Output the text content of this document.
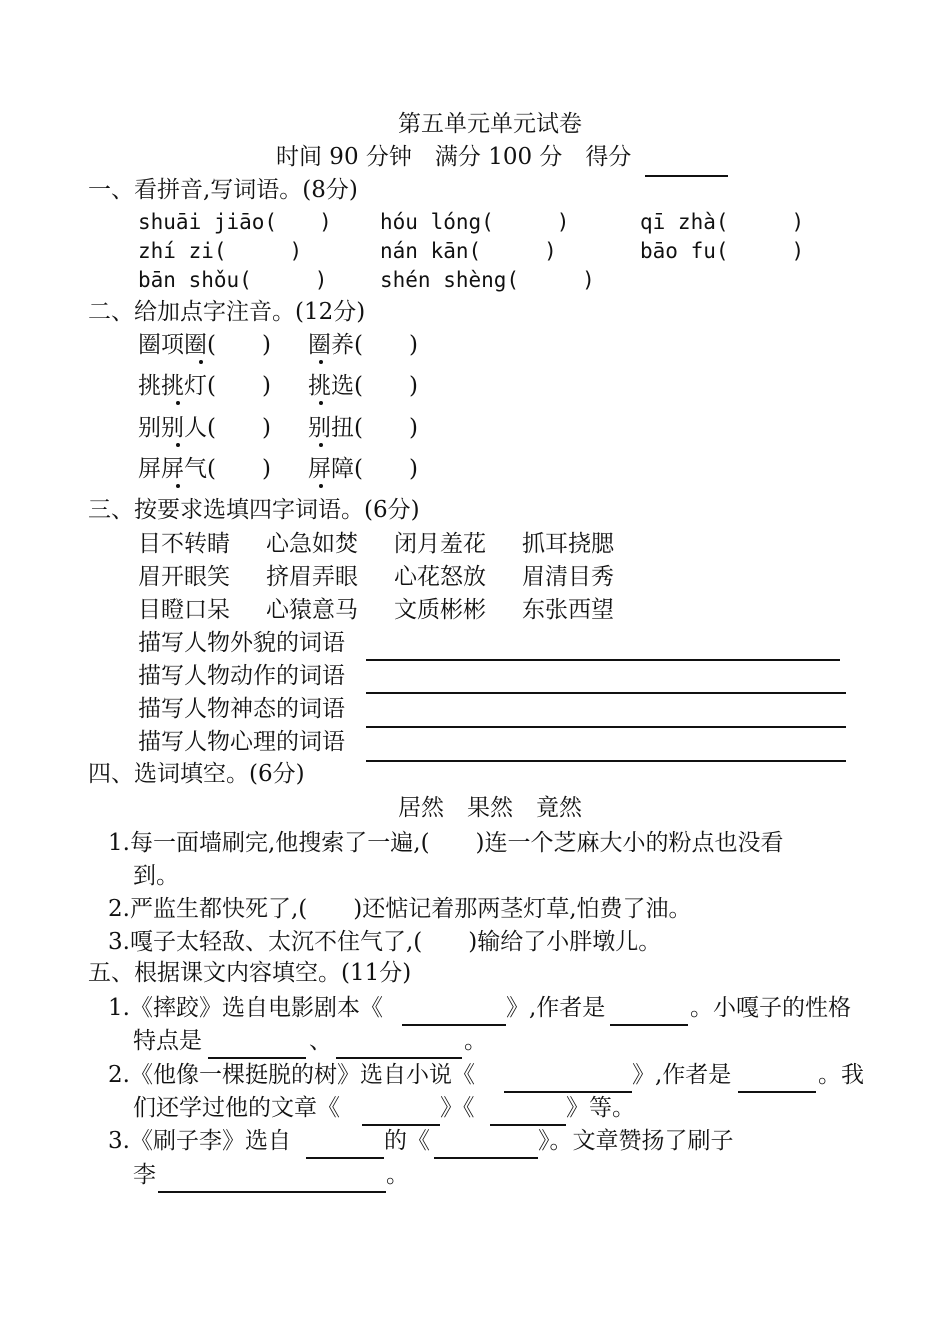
第五单元单元试卷
时间 90 分钟　满分 100 分　得分
一、看拼音,写词语。(8分)
shuāi jiāo(　　) hóu lóng(　　　)	qī zhà(　　　)
zhí zi(　　　)	nán kān(　　　)	bāo fu(　　　)
bān shǒu(　　　)	shén shèng(　　　)
二、给加点字注音。(12分)
圈项圈(　　) 圈养(　　)
挑挑灯(　　) 挑选(　　)
别别人(　　) 别扭(　　)
屏屏气(　　) 屏障(　　)
三、按要求选填四字词语。(6分)
目不转睛 心急如焚 闭月羞花 抓耳挠腮
眉开眼笑 挤眉弄眼 心花怒放 眉清目秀
目瞪口呆 心猿意马 文质彬彬 东张西望
描写人物外貌的词语
描写人物动作的词语
描写人物神态的词语
描写人物心理的词语
四、选词填空。(6分)
居然　果然　竟然
1.每一面墙刷完,他搜索了一遍,(　　)连一个芝麻大小的粉点也没看
到。
2.严监生都快死了,(　　)还惦记着那两茎灯草,怕费了油。
3.嘎子太轻敌、太沉不住气了,(　　)输给了小胖墩儿。
五、根据课文内容填空。(11分)
1.《摔跤》选自电影剧本《	》,作者是	。小嘎子的性格
特点是	、	。
2.《他像一棵挺脱的树》选自小说《	》,作者是	。我
们还学过他的文章《	》《	》等。
3.《刷子李》选自	的《	》。文章赞扬了刷子
李	。
